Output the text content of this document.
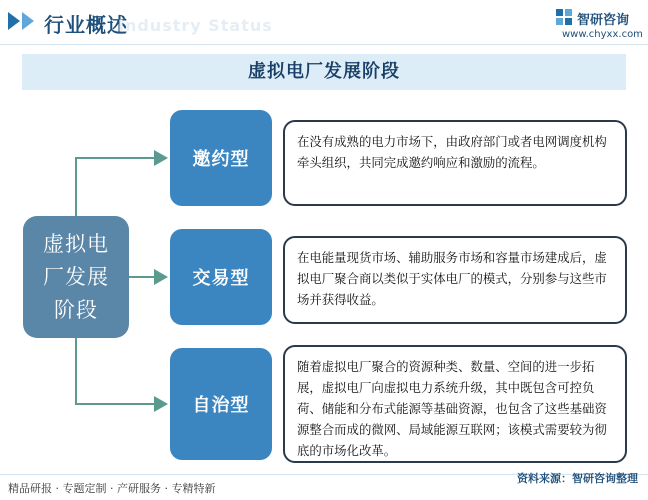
行业概述
Industry Status	智研咨询
www.chyxx.com
虚拟电厂发展阶段
虚拟电
厂发展
阶段
邀约型
在没有成熟的电力市场下，由政府部门或者电网调度机构牵头组织，共同完成邀约响应和激励的流程。
交易型
在电能量现货市场、辅助服务市场和容量市场建成后，虚拟电厂聚合商以类似于实体电厂的模式，分别参与这些市场并获得收益。
自治型
随着虚拟电厂聚合的资源种类、数量、空间的进一步拓展，虚拟电厂向虚拟电力系统升级，其中既包含可控负荷、储能和分布式能源等基础资源，也包含了这些基础资源整合而成的微网、局域能源互联网；该模式需要较为彻底的市场化改革。
精品研报 · 专题定制 · 产研服务 · 专精特新
资料来源：智研咨询整理
